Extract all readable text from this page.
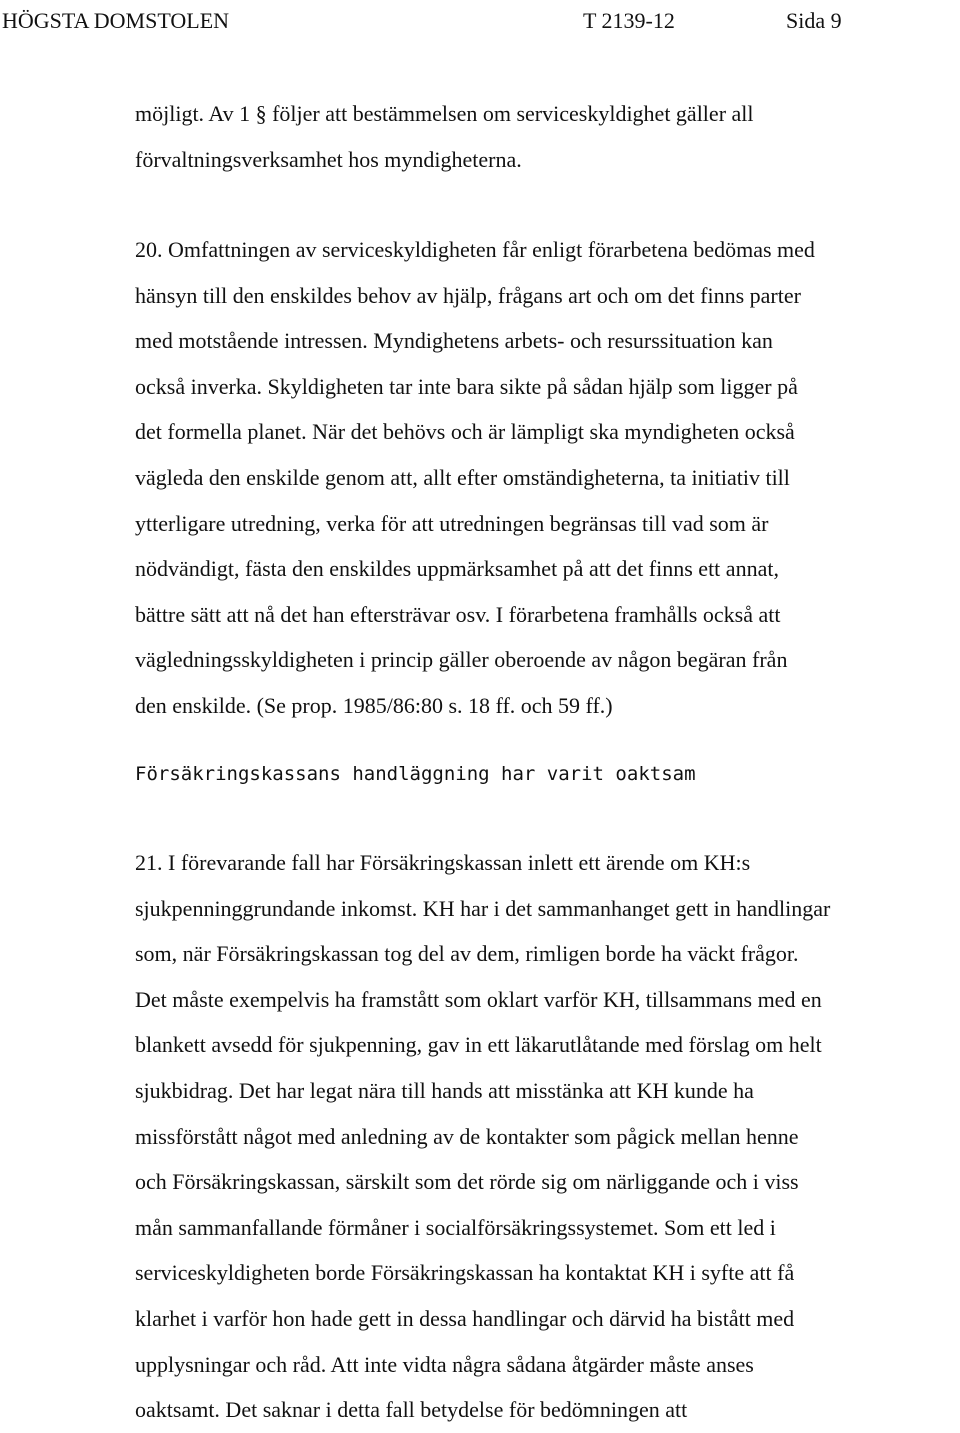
HÖGSTA DOMSTOLEN	T 2139-12	Sida 9
möjligt. Av 1 § följer att bestämmelsen om serviceskyldighet gäller all
förvaltningsverksamhet hos myndigheterna.
20. Omfattningen av serviceskyldigheten får enligt förarbetena bedömas med
hänsyn till den enskildes behov av hjälp, frågans art och om det finns parter
med motstående intressen. Myndighetens arbets- och resurssituation kan
också inverka. Skyldigheten tar inte bara sikte på sådan hjälp som ligger på
det formella planet. När det behövs och är lämpligt ska myndigheten också
vägleda den enskilde genom att, allt efter omständigheterna, ta initiativ till
ytterligare utredning, verka för att utredningen begränsas till vad som är
nödvändigt, fästa den enskildes uppmärksamhet på att det finns ett annat,
bättre sätt att nå det han eftersträvar osv. I förarbetena framhålls också att
vägledningsskyldigheten i princip gäller oberoende av någon begäran från
den enskilde. (Se prop. 1985/86:80 s. 18 ff. och 59 ff.)
Försäkringskassans handläggning har varit oaktsam
21. I förevarande fall har Försäkringskassan inlett ett ärende om KH:s
sjukpenninggrundande inkomst. KH har i det sammanhanget gett in handlingar
som, när Försäkringskassan tog del av dem, rimligen borde ha väckt frågor.
Det måste exempelvis ha framstått som oklart varför KH, tillsammans med en
blankett avsedd för sjukpenning, gav in ett läkarutlåtande med förslag om helt
sjukbidrag. Det har legat nära till hands att misstänka att KH kunde ha
missförstått något med anledning av de kontakter som pågick mellan henne
och Försäkringskassan, särskilt som det rörde sig om närliggande och i viss
mån sammanfallande förmåner i socialförsäkringssystemet. Som ett led i
serviceskyldigheten borde Försäkringskassan ha kontaktat KH i syfte att få
klarhet i varför hon hade gett in dessa handlingar och därvid ha bistått med
upplysningar och råd. Att inte vidta några sådana åtgärder måste anses
oaktsamt. Det saknar i detta fall betydelse för bedömningen att
